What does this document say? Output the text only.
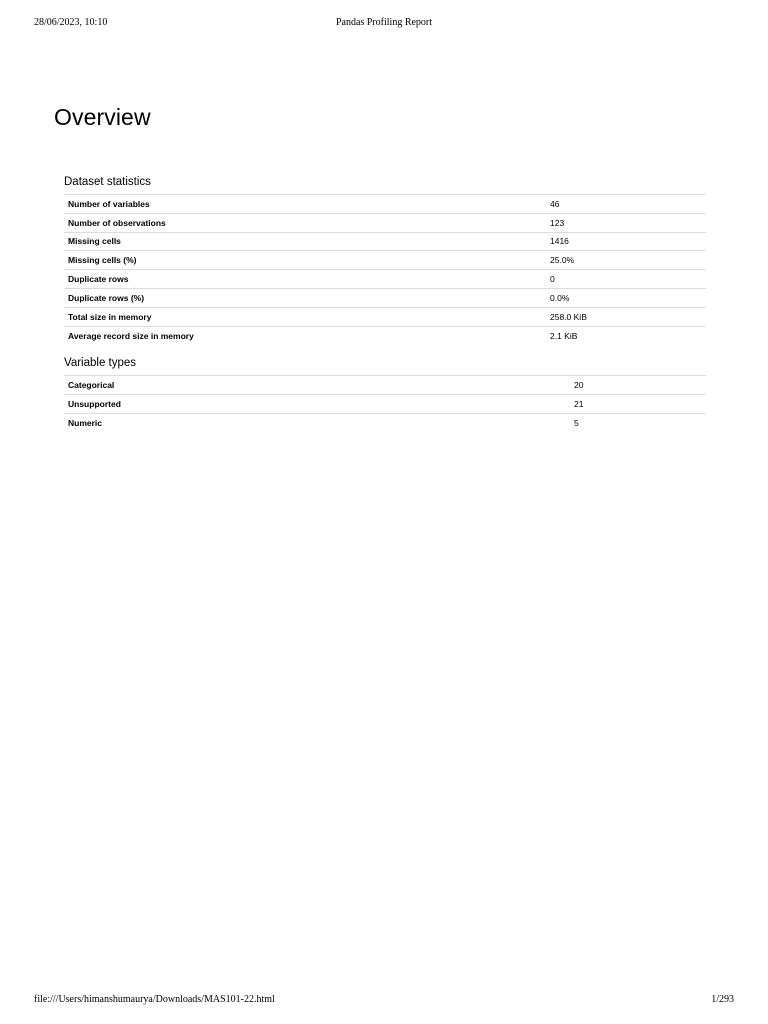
28/06/2023, 10:10	Pandas Profiling Report
Overview
Dataset statistics
Number of variables	46
Number of observations	123
Missing cells	1416
Missing cells (%)	25.0%
Duplicate rows	0
Duplicate rows (%)	0.0%
Total size in memory	258.0 KiB
Average record size in memory	2.1 KiB
Variable types
Categorical	20
Unsupported	21
Numeric	5
file:///Users/himanshumaurya/Downloads/MAS101-22.html	1/293
